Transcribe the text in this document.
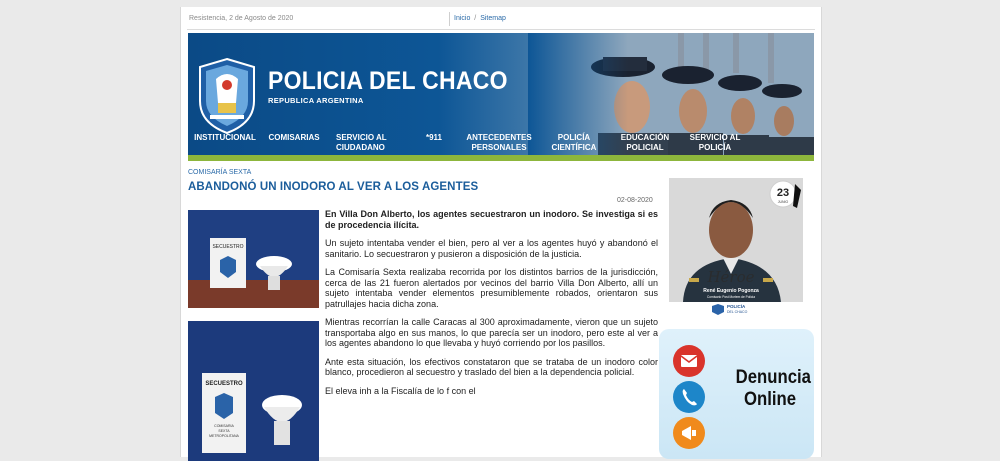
Resistencia, 2 de Agosto de 2020	Inicio / Sitemap
POLICIA DEL CHACO
REPUBLICA ARGENTINA
INSTITUCIONAL	COMISARIAS	SERVICIO AL CIUDADANO
*911	ANTECEDENTES PERSONALES
POLICÍA CIENTÍFICA
EDUCACIÓN POLICIAL
SERVICIO AL POLICÍA
COMISARÍA SEXTA
ABANDONÓ UN INODORO AL VER A LOS AGENTES
02-08-2020
SECUESTRO
SECUESTRO
COMISARIA
SEXTA
METROPOLITANA

En Villa Don Alberto, los agentes secuestraron un inodoro. Se investiga si es de procedencia ilícita.

Un sujeto intentaba vender el bien, pero al ver a los agentes huyó y abandonó el sanitario. Lo secuestraron y pusieron a disposición de la justicia.

La Comisaría Sexta realizaba recorrida por los distintos barrios de la jurisdicción, cerca de las 21 fueron alertados por vecinos del barrio Villa Don Alberto, allí un sujeto intentaba vender elementos presumiblemente robados, orientaron sus patrullajes hacia dicha zona.

Mientras recorrían la calle Caracas al 300 aproximadamente, vieron que un sujeto transportaba algo en sus manos, lo que parecía ser un inodoro, pero este al ver a los agentes abandono lo que llevaba y huyó corriendo por los pasillos.

Ante esta situación, los efectivos constataron que se trataba de un inodoro color blanco, procedieron al secuestro y traslado del bien a la dependencia policial.

El eleva inh a la Fiscalía de lo f con el

23
JUNIO
Héroe
René Eugenio Pogonza
Comisario Post Mortem de Policia
POLICÍA
DEL CHACO
Denuncia
Online
